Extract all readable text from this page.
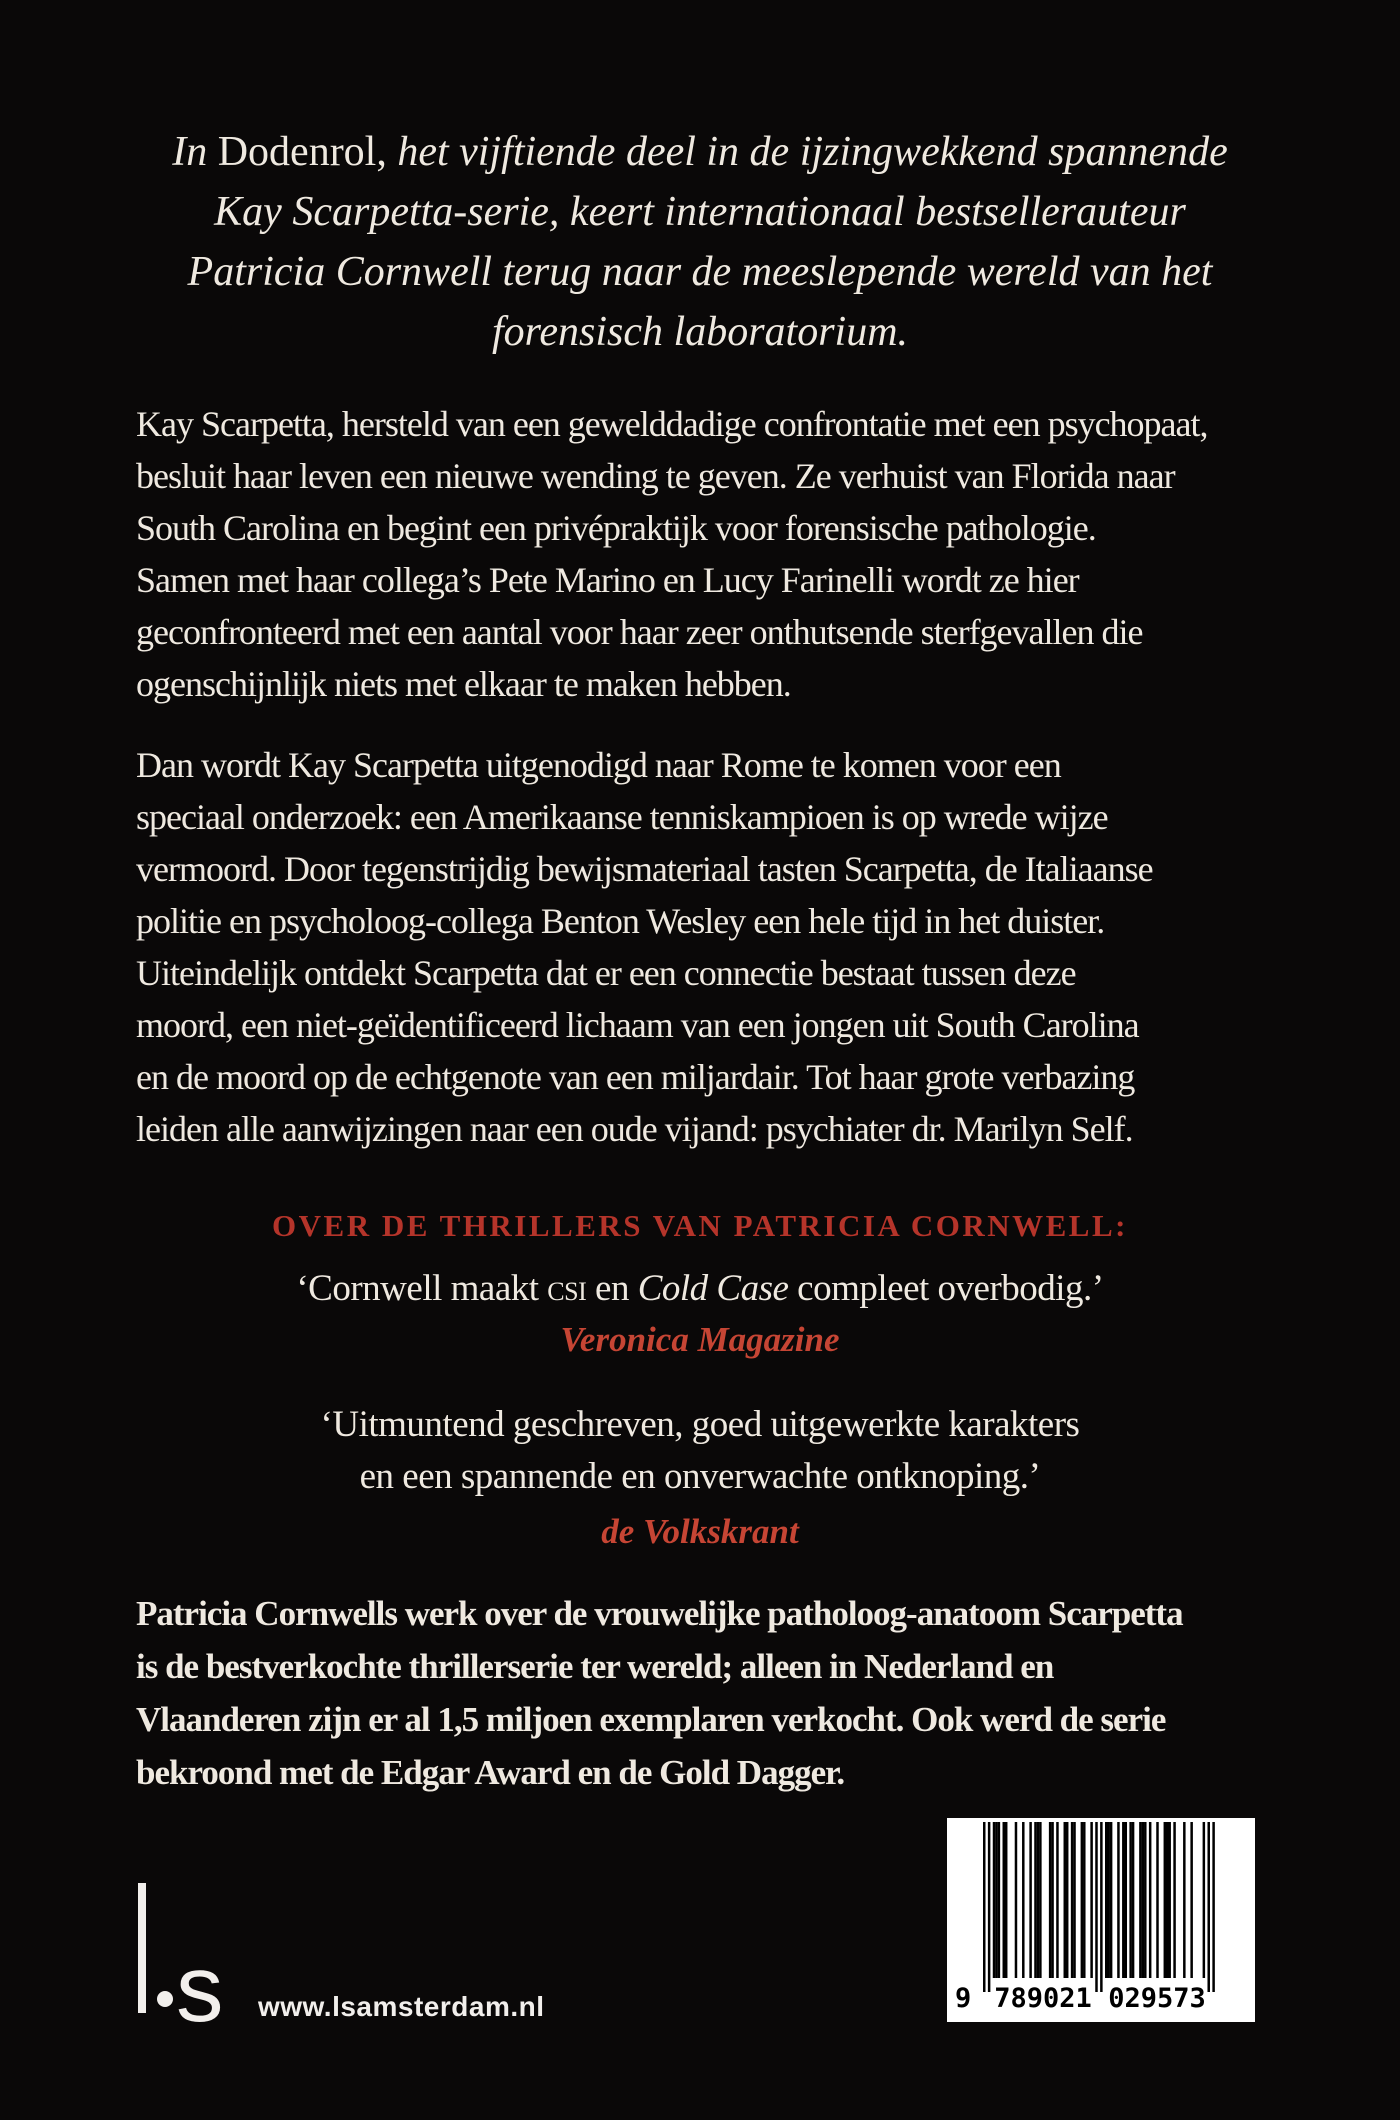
In Dodenrol, het vijftiende deel in de ijzingwekkend spannende
Kay Scarpetta-serie, keert internationaal bestsellerauteur
Patricia Cornwell terug naar de meeslepende wereld van het
forensisch laboratorium.
Kay Scarpetta, hersteld van een gewelddadige confrontatie met een psychopaat,
besluit haar leven een nieuwe wending te geven. Ze verhuist van Florida naar
South Carolina en begint een privépraktijk voor forensische pathologie.
Samen met haar collega’s Pete Marino en Lucy Farinelli wordt ze hier
geconfronteerd met een aantal voor haar zeer onthutsende sterfgevallen die
ogenschijnlijk niets met elkaar te maken hebben.
Dan wordt Kay Scarpetta uitgenodigd naar Rome te komen voor een
speciaal onderzoek: een Amerikaanse tenniskampioen is op wrede wijze
vermoord. Door tegenstrijdig bewijsmateriaal tasten Scarpetta, de Italiaanse
politie en psycholoog-collega Benton Wesley een hele tijd in het duister.
Uiteindelijk ontdekt Scarpetta dat er een connectie bestaat tussen deze
moord, een niet-geïdentificeerd lichaam van een jongen uit South Carolina
en de moord op de echtgenote van een miljardair. Tot haar grote verbazing
leiden alle aanwijzingen naar een oude vijand: psychiater dr. Marilyn Self.
OVER DE THRILLERS VAN PATRICIA CORNWELL:
‘Cornwell maakt csi en Cold Case compleet overbodig.’
Veronica Magazine
‘Uitmuntend geschreven, goed uitgewerkte karakters
en een spannende en onverwachte ontknoping.’
de Volkskrant
Patricia Cornwells werk over de vrouwelijke patholoog-anatoom Scarpetta
is de bestverkochte thrillerserie ter wereld; alleen in Nederland en
Vlaanderen zijn er al 1,5 miljoen exemplaren verkocht. Ook werd de serie
bekroond met de Edgar Award en de Gold Dagger.
s www.lsamsterdam.nl	9 789021 029573
